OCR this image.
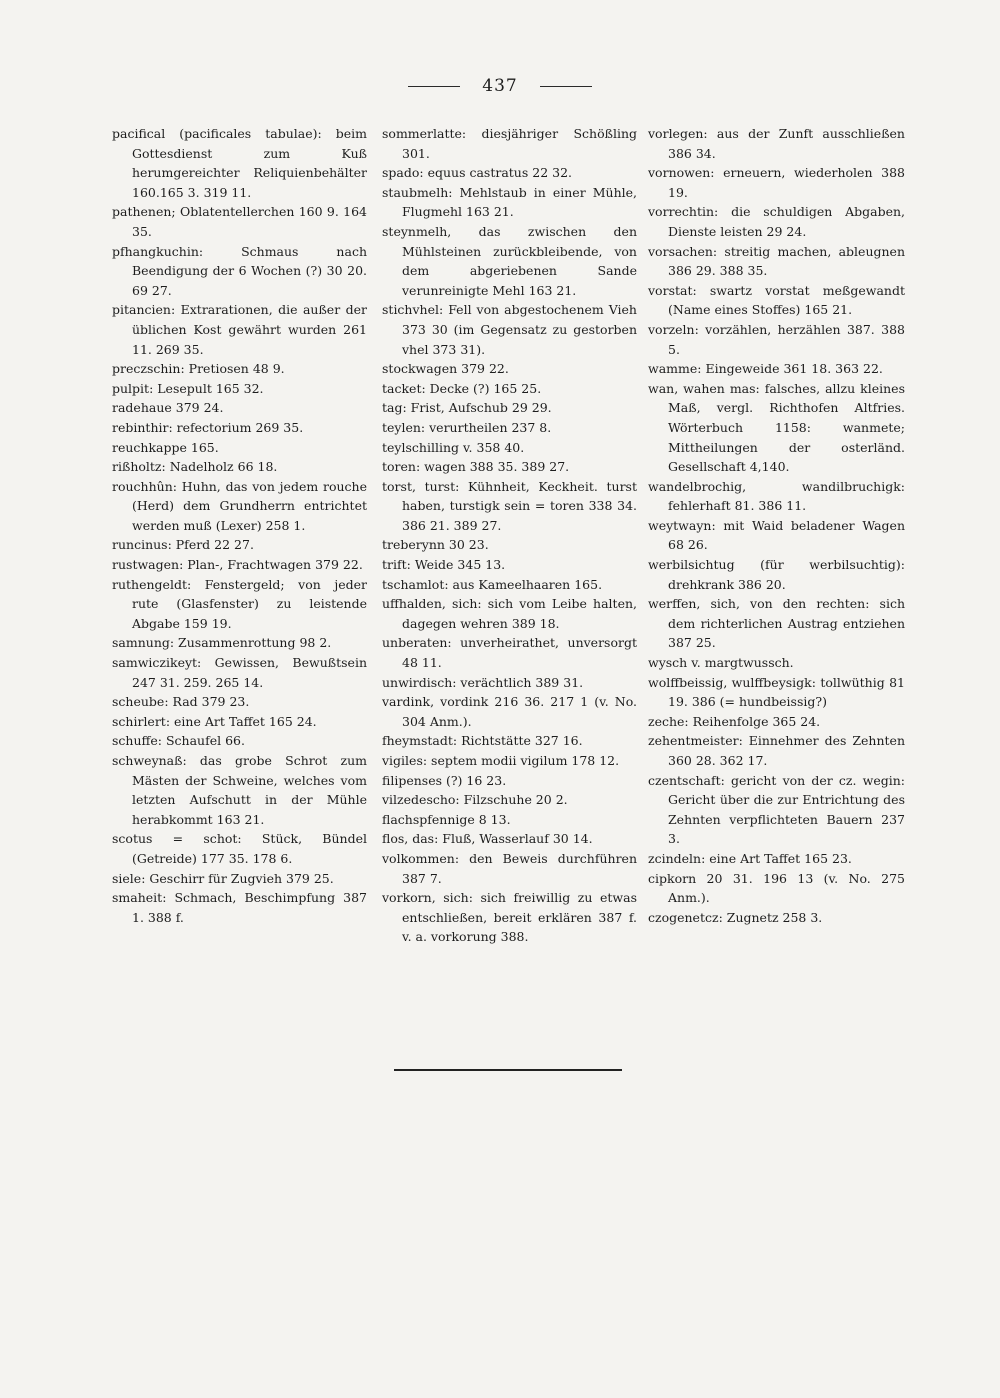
437
pacifical (pacificales tabulae): beim Gottesdienst zum Kuß herumgereichter Reliquienbehälter 160.165 3. 319 11.
pathenen; Oblatentellerchen 160 9. 164 35.
pfhangkuchin: Schmaus nach Beendigung der 6 Wochen (?) 30 20. 69 27.
pitancien: Extrarationen, die außer der üblichen Kost gewährt wurden 261 11. 269 35.
preczschin: Pretiosen 48 9.
pulpit: Lesepult 165 32.
radehaue 379 24.
rebinthir: refectorium 269 35.
reuchkappe 165.
rißholtz: Nadelholz 66 18.
rouchhûn: Huhn, das von jedem rouche (Herd) dem Grundherrn entrichtet werden muß (Lexer) 258 1.
runcinus: Pferd 22 27.
rustwagen: Plan-, Frachtwagen 379 22.
ruthengeldt: Fenstergeld; von jeder rute (Glasfenster) zu leistende Abgabe 159 19.
samnung: Zusammenrottung 98 2.
samwiczikeyt: Gewissen, Bewußtsein 247 31. 259. 265 14.
scheube: Rad 379 23.
schirlert: eine Art Taffet 165 24.
schuffe: Schaufel 66.
schweynaß: das grobe Schrot zum Mästen der Schweine, welches vom letzten Aufschutt in der Mühle herabkommt 163 21.
scotus = schot: Stück, Bündel (Getreide) 177 35. 178 6.
siele: Geschirr für Zugvieh 379 25.
smaheit: Schmach, Beschimpfung 387 1. 388 f.
sommerlatte: diesjähriger Schößling 301.
spado: equus castratus 22 32.
staubmelh: Mehlstaub in einer Mühle, Flugmehl 163 21.
steynmelh, das zwischen den Mühlsteinen zurückbleibende, von dem abgeriebenen Sande verunreinigte Mehl 163 21.
stichvhel: Fell von abgestochenem Vieh 373 30 (im Gegensatz zu gestorben vhel 373 31).
stockwagen 379 22.
tacket: Decke (?) 165 25.
tag: Frist, Aufschub 29 29.
teylen: verurtheilen 237 8.
teylschilling v. 358 40.
toren: wagen 388 35. 389 27.
torst, turst: Kühnheit, Keckheit. turst haben, turstigk sein = toren 338 34. 386 21. 389 27.
treberynn 30 23.
trift: Weide 345 13.
tschamlot: aus Kameelhaaren 165.
uffhalden, sich: sich vom Leibe halten, dagegen wehren 389 18.
unberaten: unverheirathet, unversorgt 48 11.
unwirdisch: verächtlich 389 31.
vardink, vordink 216 36. 217 1 (v. No. 304 Anm.).
fheymstadt: Richtstätte 327 16.
vigiles: septem modii vigilum 178 12.
filipenses (?) 16 23.
vilzedescho: Filzschuhe 20 2.
flachspfennige 8 13.
flos, das: Fluß, Wasserlauf 30 14.
volkommen: den Beweis durchführen 387 7.
vorkorn, sich: sich freiwillig zu etwas entschließen, bereit erklären 387 f. v. a. vorkorung 388.
vorlegen: aus der Zunft ausschließen 386 34.
vornowen: erneuern, wiederholen 388 19.
vorrechtin: die schuldigen Abgaben, Dienste leisten 29 24.
vorsachen: streitig machen, ableugnen 386 29. 388 35.
vorstat: swartz vorstat meßgewandt (Name eines Stoffes) 165 21.
vorzeln: vorzählen, herzählen 387. 388 5.
wamme: Eingeweide 361 18. 363 22.
wan, wahen mas: falsches, allzu kleines Maß, vergl. Richthofen Altfries. Wörterbuch 1158: wanmete; Mittheilungen der osterländ. Gesellschaft 4,140.
wandelbrochig, wandilbruchigk: fehlerhaft 81. 386 11.
weytwayn: mit Waid beladener Wagen 68 26.
werbilsichtug (für werbilsuchtig): drehkrank 386 20.
werffen, sich, von den rechten: sich dem richterlichen Austrag entziehen 387 25.
wysch v. margtwussch.
wolffbeissig, wulffbeysigk: tollwüthig 81 19. 386 (= hundbeissig?)
zeche: Reihenfolge 365 24.
zehentmeister: Einnehmer des Zehnten 360 28. 362 17.
czentschaft: gericht von der cz. wegin: Gericht über die zur Entrichtung des Zehnten verpflichteten Bauern 237 3.
zcindeln: eine Art Taffet 165 23.
cipkorn 20 31. 196 13 (v. No. 275 Anm.).
czogenetcz: Zugnetz 258 3.
